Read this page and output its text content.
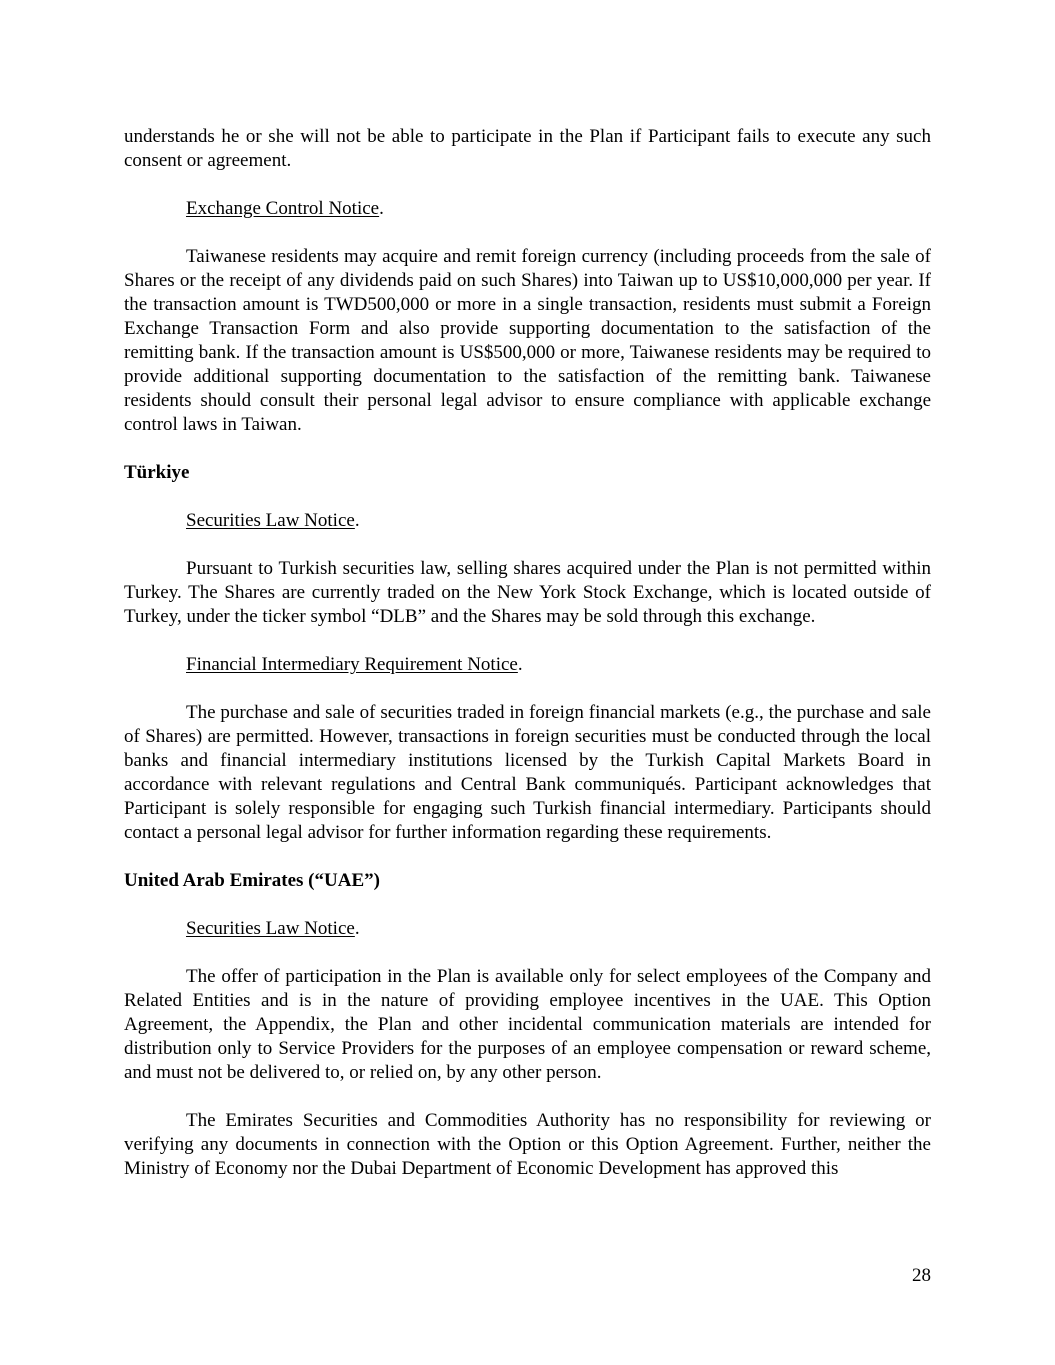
understands he or she will not be able to participate in the Plan if Participant fails to execute any such consent or agreement.

Exchange Control Notice.

Taiwanese residents may acquire and remit foreign currency (including proceeds from the sale of Shares or the receipt of any dividends paid on such Shares) into Taiwan up to US$10,000,000 per year. If the transaction amount is TWD500,000 or more in a single transaction, residents must submit a Foreign Exchange Transaction Form and also provide supporting documentation to the satisfaction of the remitting bank. If the transaction amount is US$500,000 or more, Taiwanese residents may be required to provide additional supporting documentation to the satisfaction of the remitting bank. Taiwanese residents should consult their personal legal advisor to ensure compliance with applicable exchange control laws in Taiwan.

Türkiye

Securities Law Notice.

Pursuant to Turkish securities law, selling shares acquired under the Plan is not permitted within Turkey. The Shares are currently traded on the New York Stock Exchange, which is located outside of Turkey, under the ticker symbol “DLB” and the Shares may be sold through this exchange.

Financial Intermediary Requirement Notice.

The purchase and sale of securities traded in foreign financial markets (e.g., the purchase and sale of Shares) are permitted. However, transactions in foreign securities must be conducted through the local banks and financial intermediary institutions licensed by the Turkish Capital Markets Board in accordance with relevant regulations and Central Bank communiqués. Participant acknowledges that Participant is solely responsible for engaging such Turkish financial intermediary. Participants should contact a personal legal advisor for further information regarding these requirements.

United Arab Emirates (“UAE”)

Securities Law Notice.

The offer of participation in the Plan is available only for select employees of the Company and Related Entities and is in the nature of providing employee incentives in the UAE. This Option Agreement, the Appendix, the Plan and other incidental communication materials are intended for distribution only to Service Providers for the purposes of an employee compensation or reward scheme, and must not be delivered to, or relied on, by any other person.

The Emirates Securities and Commodities Authority has no responsibility for reviewing or verifying any documents in connection with the Option or this Option Agreement. Further, neither the Ministry of Economy nor the Dubai Department of Economic Development has approved this

28
